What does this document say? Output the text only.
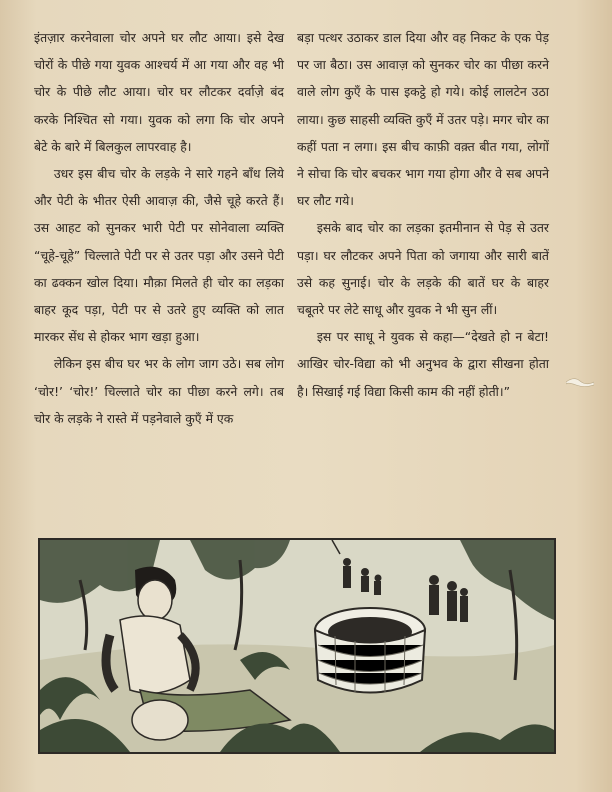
इंतज़ार करनेवाला चोर अपने घर लौट आया। इसे देख चोरों के पीछे गया युवक आश्चर्य में आ गया और वह भी चोर के पीछे लौट आया। चोर घर लौटकर दर्वाज़े बंद करके निश्चित सो गया। युवक को लगा कि चोर अपने बेटे के बारे में बिलकुल लापरवाह है।

उधर इस बीच चोर के लड़के ने सारे गहने बाँध लिये और पेटी के भीतर ऐसी आवाज़ की, जैसे चूहे करते हैं। उस आहट को सुनकर भारी पेटी पर सोनेवाला व्यक्ति “चूहे-चूहे” चिल्लाते पेटी पर से उतर पड़ा और उसने पेटी का ढक्कन खोल दिया। मौक़ा मिलते ही चोर का लड़का बाहर कूद पड़ा, पेटी पर से उतरे हुए व्यक्ति को लात मारकर सेंध से होकर भाग खड़ा हुआ।

लेकिन इस बीच घर भर के लोग जाग उठे। सब लोग ‘चोर!’ ‘चोर!’ चिल्लाते चोर का पीछा करने लगे। तब चोर के लड़के ने रास्ते में पड़नेवाले कुएँ में एक

बड़ा पत्थर उठाकर डाल दिया और वह निकट के एक पेड़ पर जा बैठा। उस आवाज़ को सुनकर चोर का पीछा करने वाले लोग कुएँ के पास इकट्ठे हो गये। कोई लालटेन उठा लाया। कुछ साहसी व्यक्ति कुएँ में उतर पड़े। मगर चोर का कहीं पता न लगा। इस बीच काफ़ी वक़्त बीत गया, लोगों ने सोचा कि चोर बचकर भाग गया होगा और वे सब अपने घर लौट गये।

इसके बाद चोर का लड़का इतमीनान से पेड़ से उतर पड़ा। घर लौटकर अपने पिता को जगाया और सारी बातें उसे कह सुनाई। चोर के लड़के की बातें घर के बाहर चबूतरे पर लेटे साधू और युवक ने भी सुन लीं।

इस पर साधू ने युवक से कहा—“देखते हो न बेटा! आखिर चोर-विद्या को भी अनुभव के द्वारा सीखना होता है। सिखाई गई विद्या किसी काम की नहीं होती।”
